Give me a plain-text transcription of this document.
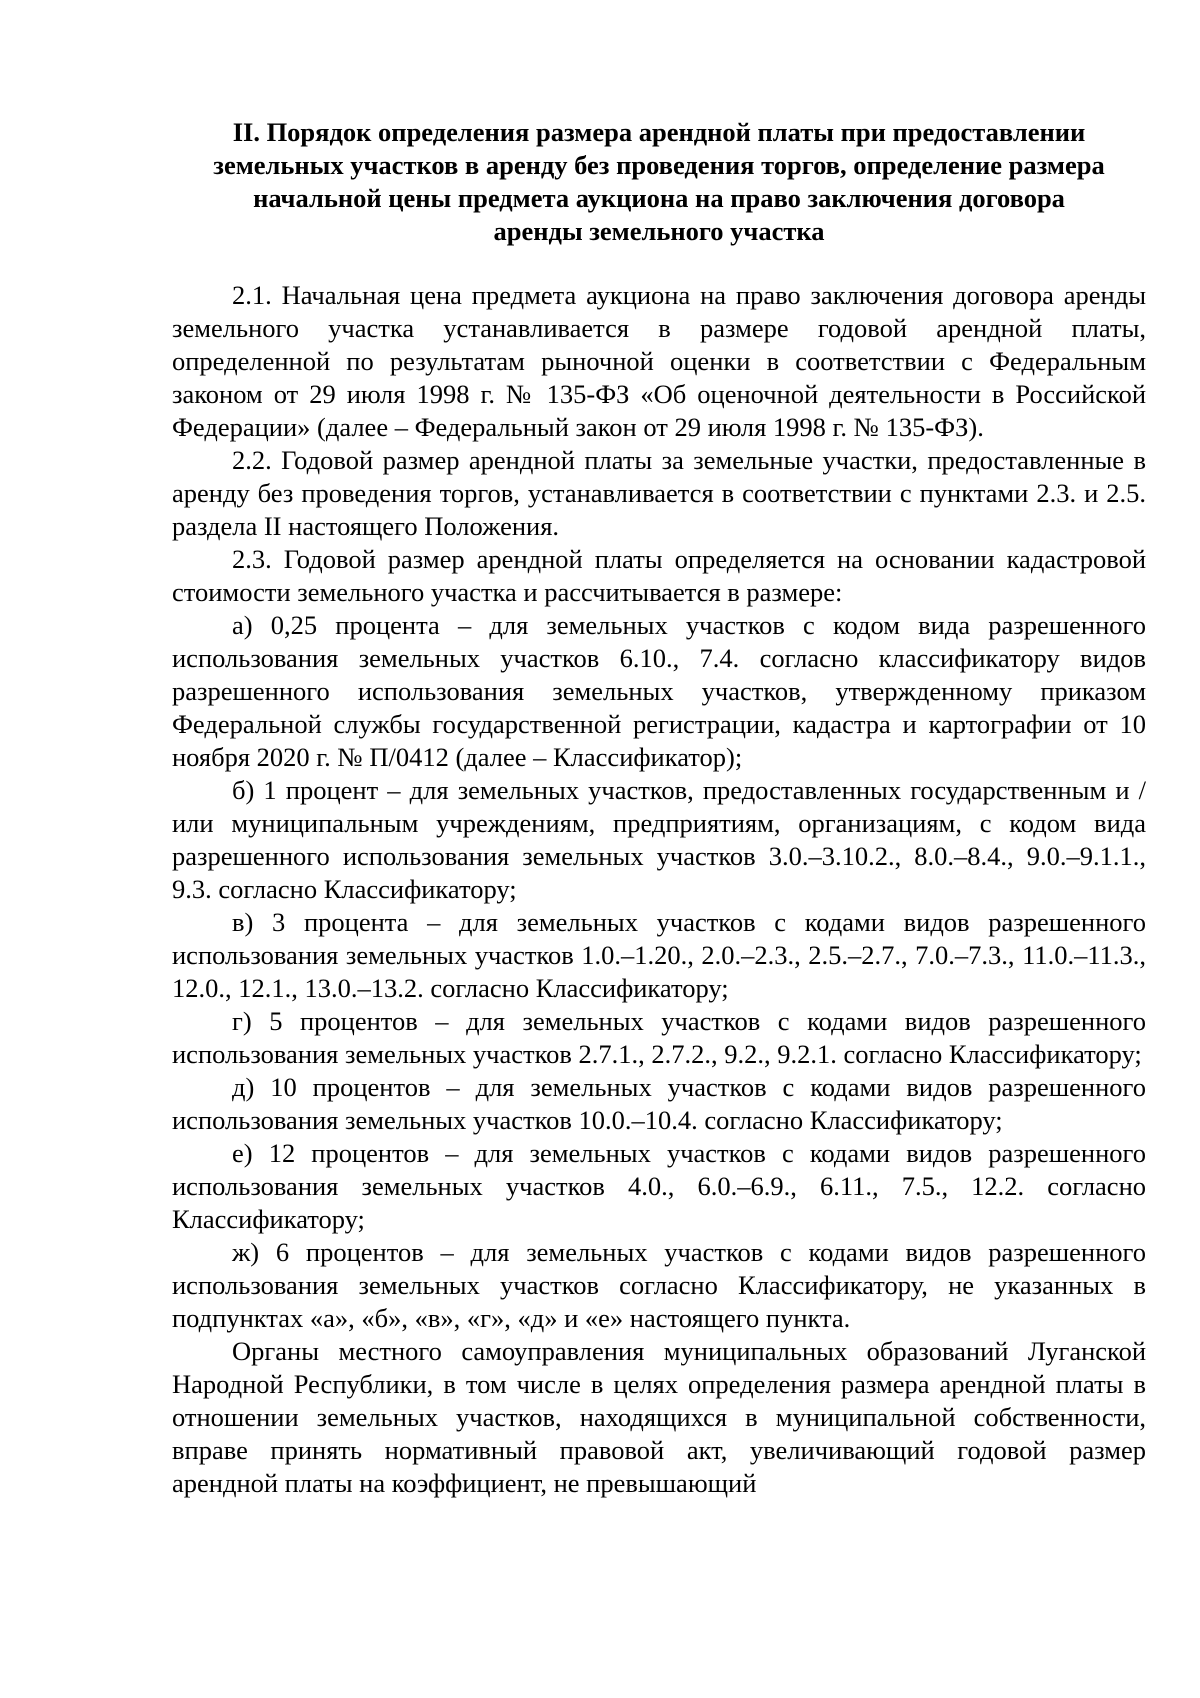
II. Порядок определения размера арендной платы при предоставлении
земельных участков в аренду без проведения торгов, определение размера
начальной цены предмета аукциона на право заключения договора
аренды земельного участка

2.1. Начальная цена предмета аукциона на право заключения договора аренды земельного участка устанавливается в размере годовой арендной платы, определенной по результатам рыночной оценки в соответствии с Федеральным законом от 29 июля 1998 г. № 135-ФЗ «Об оценочной деятельности в Российской Федерации» (далее – Федеральный закон от 29 июля 1998 г. № 135-ФЗ).

2.2. Годовой размер арендной платы за земельные участки, предоставленные в аренду без проведения торгов, устанавливается в соответствии с пунктами 2.3. и 2.5. раздела II настоящего Положения.

2.3. Годовой размер арендной платы определяется на основании кадастровой стоимости земельного участка и рассчитывается в размере:

а) 0,25 процента – для земельных участков с кодом вида разрешенного использования земельных участков 6.10., 7.4. согласно классификатору видов разрешенного использования земельных участков, утвержденному приказом Федеральной службы государственной регистрации, кадастра и картографии от 10 ноября 2020 г. № П/0412 (далее – Классификатор);

б) 1 процент – для земельных участков, предоставленных государственным и / или муниципальным учреждениям, предприятиям, организациям, с кодом вида разрешенного использования земельных участков 3.0.–3.10.2., 8.0.–8.4., 9.0.–9.1.1., 9.3. согласно Классификатору;

в) 3 процента – для земельных участков с кодами видов разрешенного использования земельных участков 1.0.–1.20., 2.0.–2.3., 2.5.–2.7., 7.0.–7.3., 11.0.–11.3., 12.0., 12.1., 13.0.–13.2. согласно Классификатору;

г) 5 процентов – для земельных участков с кодами видов разрешенного использования земельных участков 2.7.1., 2.7.2., 9.2., 9.2.1. согласно Классификатору;

д) 10 процентов – для земельных участков с кодами видов разрешенного использования земельных участков 10.0.–10.4. согласно Классификатору;

е) 12 процентов – для земельных участков с кодами видов разрешенного использования земельных участков 4.0., 6.0.–6.9., 6.11., 7.5., 12.2. согласно Классификатору;

ж) 6 процентов – для земельных участков с кодами видов разрешенного использования земельных участков согласно Классификатору, не указанных в подпунктах «а», «б», «в», «г», «д» и «е» настоящего пункта.

Органы местного самоуправления муниципальных образований Луганской Народной Республики, в том числе в целях определения размера арендной платы в отношении земельных участков, находящихся в муниципальной собственности, вправе принять нормативный правовой акт, увеличивающий годовой размер арендной платы на коэффициент, не превышающий
